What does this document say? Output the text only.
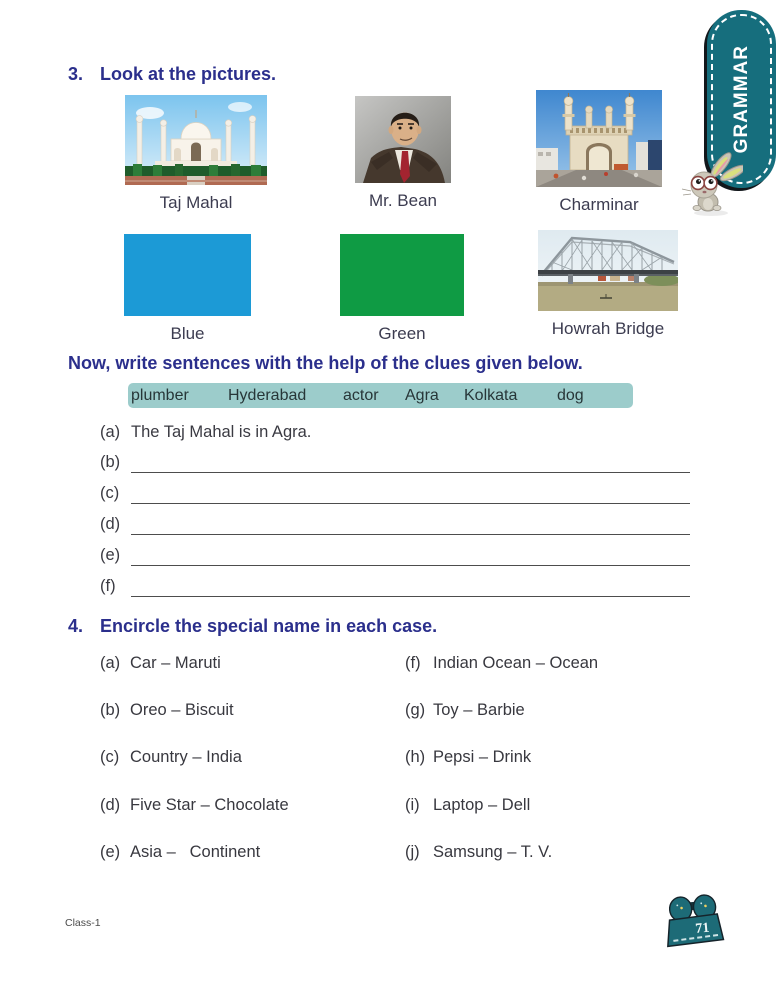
GRAMMAR
3. Look at the pictures.
Taj Mahal	Mr. Bean	Charminar
Blue	Green	Howrah Bridge
Now, write sentences with the help of the clues given below.
plumber Hyderabad actor Agra Kolkata dog
(a) The Taj Mahal is in Agra.
(b)
(c)
(d)
(e)
(f)
4. Encircle the special name in each case.
(a) Car – Maruti	(f) Indian Ocean – Ocean
(b) Oreo – Biscuit	(g) Toy – Barbie
(c) Country – India	(h) Pepsi – Drink
(d) Five Star – Chocolate	(i) Laptop – Dell
(e) Asia –   Continent	(j) Samsung – T. V.
Class-1	71
